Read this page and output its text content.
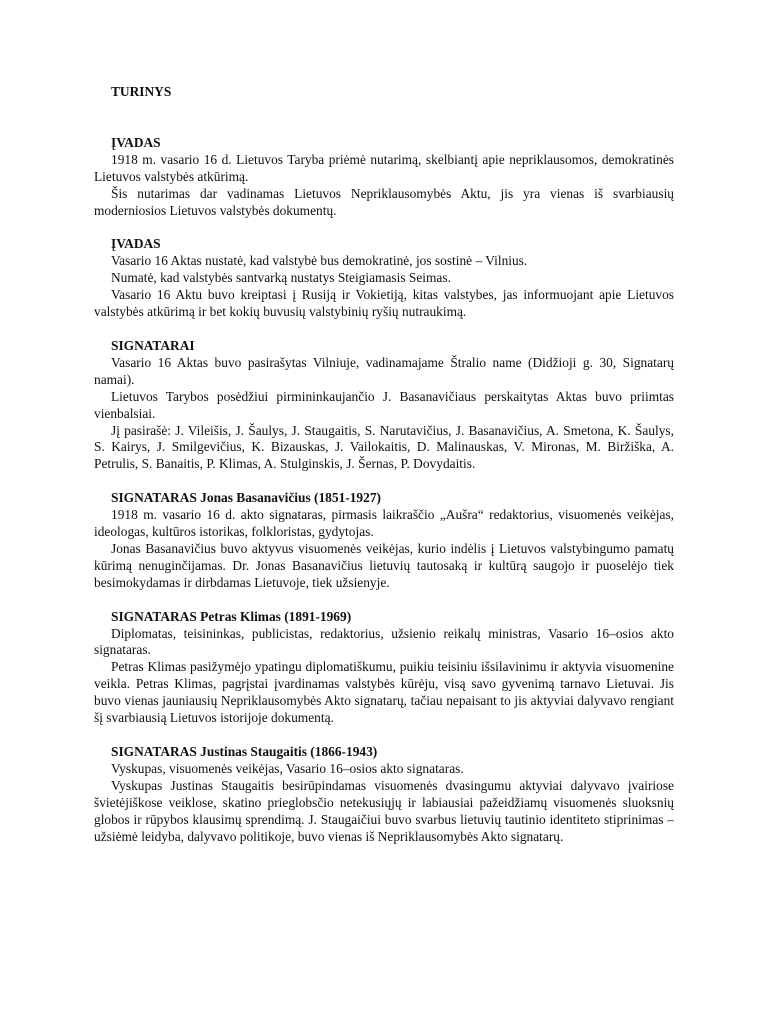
TURINYS
ĮVADAS

1918 m. vasario 16 d. Lietuvos Taryba priėmė nutarimą, skelbiantį apie nepriklausomos, demokratinės Lietuvos valstybės atkūrimą.

Šis nutarimas dar vadinamas Lietuvos Nepriklausomybės Aktu, jis yra vienas iš svarbiausių moderniosios Lietuvos valstybės dokumentų.

ĮVADAS

Vasario 16 Aktas nustatė, kad valstybė bus demokratinė, jos sostinė – Vilnius.

Numatė, kad valstybės santvarką nustatys Steigiamasis Seimas.

Vasario 16 Aktu buvo kreiptasi į Rusiją ir Vokietiją, kitas valstybes, jas informuojant apie Lietuvos valstybės atkūrimą ir bet kokių buvusių valstybinių ryšių nutraukimą.

SIGNATARAI

Vasario 16 Aktas buvo pasirašytas Vilniuje, vadinamajame Štralio name (Didžioji g. 30, Signatarų namai).

Lietuvos Tarybos posėdžiui pirmininkaujančio J. Basanavičiaus perskaitytas Aktas buvo priimtas vienbalsiai.

Jį pasirašė: J. Vileišis, J. Šaulys, J. Staugaitis, S. Narutavičius, J. Basanavičius, A. Smetona, K. Šaulys, S. Kairys, J. Smilgevičius, K. Bizauskas, J. Vailokaitis, D. Malinauskas, V. Mironas, M. Biržiška, A. Petrulis, S. Banaitis, P. Klimas, A. Stulginskis, J. Šernas, P. Dovydaitis.

SIGNATARAS Jonas Basanavičius (1851-1927)

1918 m. vasario 16 d. akto signataras, pirmasis laikraščio „Aušra“ redaktorius, visuomenės veikėjas, ideologas, kultūros istorikas, folkloristas, gydytojas.

Jonas Basanavičius buvo aktyvus visuomenės veikėjas, kurio indėlis į Lietuvos valstybingumo pamatų kūrimą nenuginčijamas. Dr. Jonas Basanavičius lietuvių tautosaką ir kultūrą saugojo ir puoselėjo tiek besimokydamas ir dirbdamas Lietuvoje, tiek užsienyje.

SIGNATARAS Petras Klimas (1891-1969)

Diplomatas, teisininkas, publicistas, redaktorius, užsienio reikalų ministras, Vasario 16–osios akto signataras.

Petras Klimas pasižymėjo ypatingu diplomatiškumu, puikiu teisiniu išsilavinimu ir aktyvia visuomenine veikla. Petras Klimas, pagrįstai įvardinamas valstybės kūrėju, visą savo gyvenimą tarnavo Lietuvai. Jis buvo vienas jauniausių Nepriklausomybės Akto signatarų, tačiau nepaisant to jis aktyviai dalyvavo rengiant šį svarbiausią Lietuvos istorijoje dokumentą.

SIGNATARAS Justinas Staugaitis (1866-1943)

Vyskupas, visuomenės veikėjas, Vasario 16–osios akto signataras.

Vyskupas Justinas Staugaitis besirūpindamas visuomenės dvasingumu aktyviai dalyvavo įvairiose švietėjiškose veiklose, skatino prieglobsčio netekusiųjų ir labiausiai pažeidžiamų visuomenės sluoksnių globos ir rūpybos klausimų sprendimą. J. Staugaičiui buvo svarbus lietuvių tautinio identiteto stiprinimas – užsiėmė leidyba, dalyvavo politikoje, buvo vienas iš Nepriklausomybės Akto signatarų.
